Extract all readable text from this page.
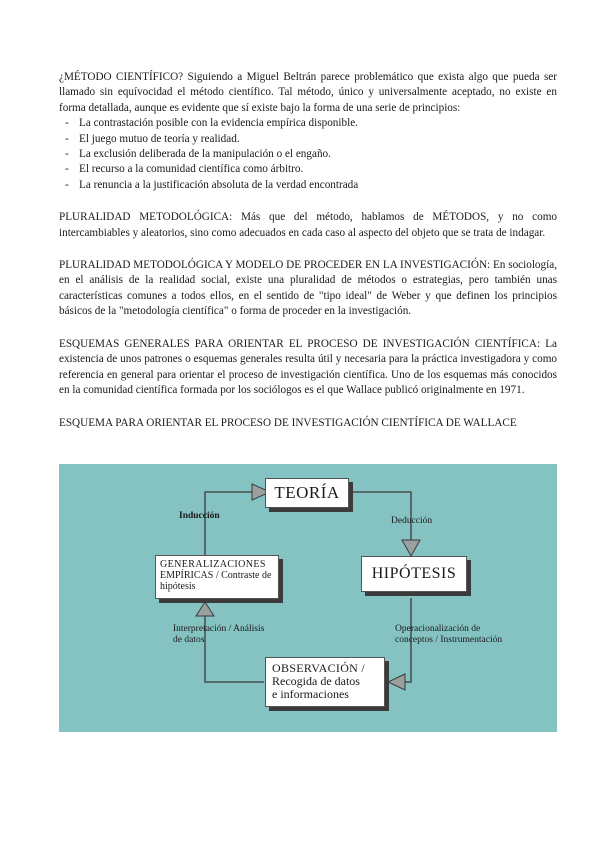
¿MÉTODO CIENTÍFICO? Siguiendo a Miguel Beltrán parece problemático que exista algo que pueda ser llamado sin equívocidad el método científico. Tal método, único y universalmente aceptado, no existe en forma detallada, aunque es evidente que sí existe bajo la forma de una serie de principios:

- La contrastación posible con la evidencia empírica disponible.
- El juego mutuo de teoría y realidad.
- La exclusión deliberada de la manipulación o el engaño.
- El recurso a la comunidad científica como árbitro.
- La renuncia a la justificación absoluta de la verdad encontrada

PLURALIDAD METODOLÓGICA: Más que del método, hablamos de MÉTODOS, y no como intercambiables y aleatorios, sino como adecuados en cada caso al aspecto del objeto que se trata de indagar.

PLURALIDAD METODOLÓGICA Y MODELO DE PROCEDER EN LA INVESTIGACIÓN: En sociología, en el análisis de la realidad social, existe una pluralidad de métodos o estrategias, pero también unas características comunes a todos ellos, en el sentido de "tipo ideal" de Weber y que definen los principios básicos de la "metodología científica" o forma de proceder en la investigación.

ESQUEMAS GENERALES PARA ORIENTAR EL PROCESO DE INVESTIGACIÓN CIENTÍFICA: La existencia de unos patrones o esquemas generales resulta útil y necesaria para la práctica investigadora y como referencia en general para orientar el proceso de investigación científica. Uno de los esquemas más conocidos en la comunidad científica formada por los sociólogos es el que Wallace publicó originalmente en 1971.

ESQUEMA PARA ORIENTAR EL PROCESO DE INVESTIGACIÓN CIENTÍFICA DE WALLACE

TEORÍA
HIPÓTESIS
GENERALIZACIONES
EMPÍRICAS / Contraste de hipótesis
OBSERVACIÓN /
Recogida de datos
e informaciones
Inducción	Deducción
Operacionalización de conceptos / Instrumentación
Interpretación / Análisis de datos
